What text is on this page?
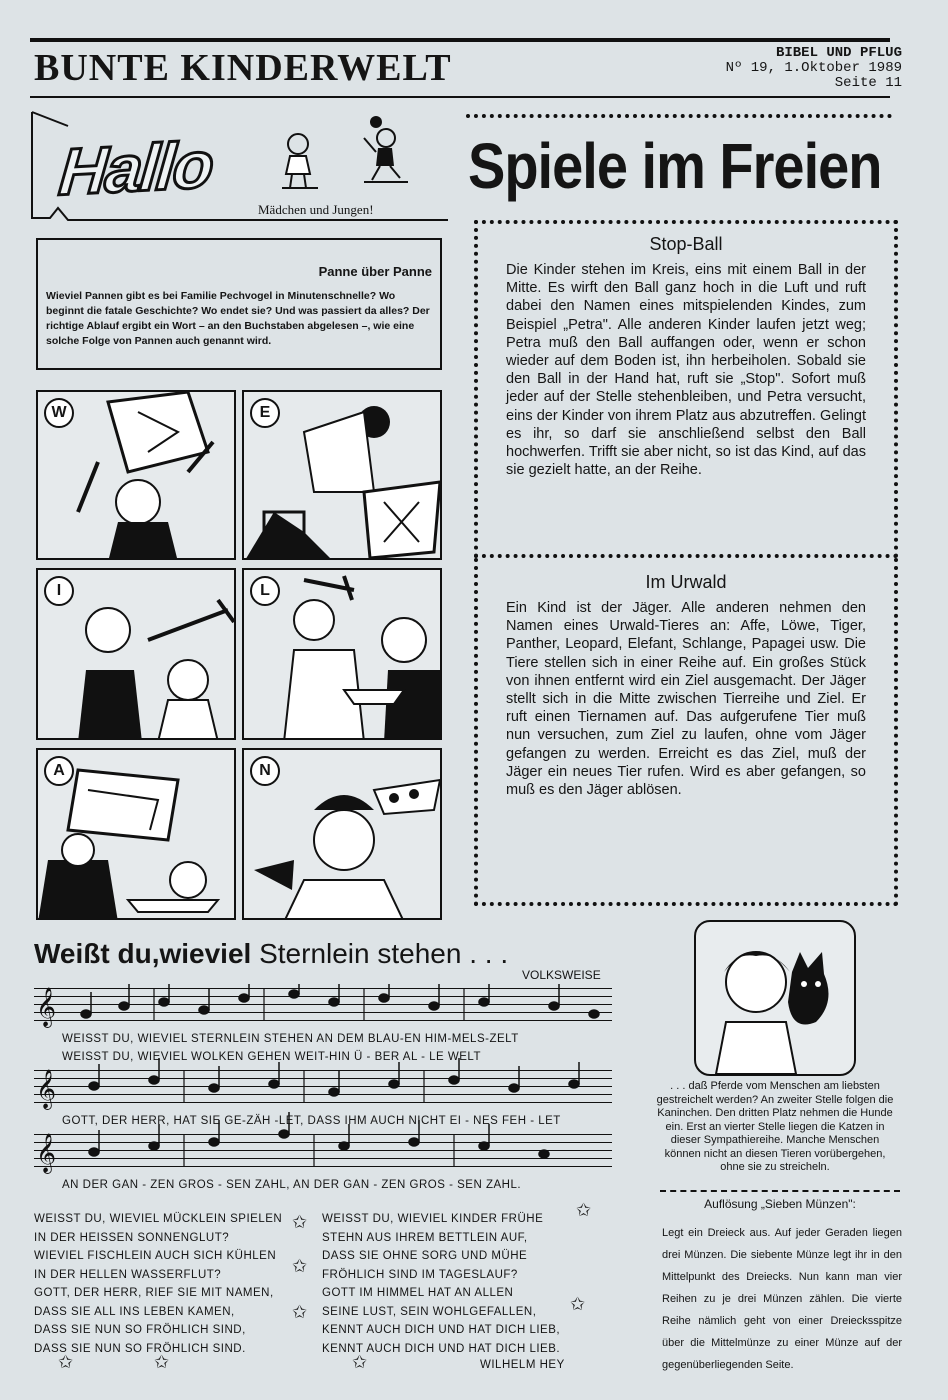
BUNTE KINDERWELT	BIBEL UND PFLUG
Nº 19, 1.Oktober 1989
Seite 11
Hallo
Mädchen und Jungen!
Panne über Panne
Wieviel Pannen gibt es bei Familie Pechvogel in Minutenschnelle? Wo beginnt die fatale Geschichte? Wo endet sie? Und was passiert da alles? Der richtige Ablauf ergibt ein Wort – an den Buchstaben abgelesen –, wie eine solche Folge von Pannen auch genannt wird.
W	E
I	L
A	N
Spiele im Freien
Stop-Ball
Die Kinder stehen im Kreis, eins mit einem Ball in der Mitte. Es wirft den Ball ganz hoch in die Luft und ruft dabei den Namen eines mitspielenden Kindes, zum Beispiel „Petra". Alle anderen Kinder laufen jetzt weg; Petra muß den Ball auffangen oder, wenn er schon wieder auf dem Boden ist, ihn herbeiholen. Sobald sie den Ball in der Hand hat, ruft sie „Stop". Sofort muß jeder auf der Stelle stehenbleiben, und Petra versucht, eins der Kinder von ihrem Platz aus abzutreffen. Gelingt es ihr, so darf sie anschließend selbst den Ball hochwerfen. Trifft sie aber nicht, so ist das Kind, auf das sie gezielt hatte, an der Reihe.
Im Urwald
Ein Kind ist der Jäger. Alle anderen nehmen den Namen eines Urwald-Tieres an: Affe, Löwe, Tiger, Panther, Leopard, Elefant, Schlange, Papagei usw. Die Tiere stellen sich in einer Reihe auf. Ein großes Stück von ihnen entfernt wird ein Ziel ausgemacht. Der Jäger stellt sich in die Mitte zwischen Tierreihe und Ziel. Er ruft einen Tiernamen auf. Das aufgerufene Tier muß nun versuchen, zum Ziel zu laufen, ohne vom Jäger gefangen zu werden. Erreicht es das Ziel, muß der Jäger ein neues Tier rufen. Wird es aber gefangen, so muß es den Jäger ablösen.
Weißt du,wieviel Sternlein stehen . . .
VOLKSWEISE
WEISST DU, WIEVIEL STERNLEIN STEHEN AN DEM BLAU-EN HIM-MELS-ZELT
WEISST DU, WIEVIEL WOLKEN GEHEN WEIT-HIN Ü - BER AL - LE WELT
GOTT, DER HERR, HAT SIE GE-ZÄH -LET, DASS IHM AUCH NICHT EI - NES FEH - LET
AN DER GAN - ZEN GROS - SEN ZAHL, AN DER GAN - ZEN GROS - SEN ZAHL.
𝄞
𝄞
𝄞
WEISST DU, WIEVIEL MÜCKLEIN SPIELEN
IN DER HEISSEN SONNENGLUT?
WIEVIEL FISCHLEIN AUCH SICH KÜHLEN
IN DER HELLEN WASSERFLUT?
GOTT, DER HERR, RIEF SIE MIT NAMEN,
DASS SIE ALL INS LEBEN KAMEN,
DASS SIE NUN SO FRÖHLICH SIND,
DASS SIE NUN SO FRÖHLICH SIND.
WEISST DU, WIEVIEL KINDER FRÜHE
STEHN AUS IHREM BETTLEIN AUF,
DASS SIE OHNE SORG UND MÜHE
FRÖHLICH SIND IM TAGESLAUF?
GOTT IM HIMMEL HAT AN ALLEN
SEINE LUST, SEIN WOHLGEFALLEN,
KENNT AUCH DICH UND HAT DICH LIEB,
KENNT AUCH DICH UND HAT DICH LIEB.
WILHELM HEY
✩
✩
✩
✩
✩	✩	✩
✩
. . . daß Pferde vom Menschen am liebsten gestreichelt werden? An zweiter Stelle folgen die Kaninchen. Den dritten Platz nehmen die Hunde ein. Erst an vierter Stelle liegen die Katzen in dieser Sympathiereihe. Manche Menschen können nicht an diesen Tieren vorübergehen, ohne sie zu streicheln.
Auflösung „Sieben Münzen":
Legt ein Dreieck aus. Auf jeder Geraden liegen drei Münzen. Die siebente Münze legt ihr in den Mittelpunkt des Dreiecks. Nun kann man vier Reihen zu je drei Münzen zählen. Die vierte Reihe nämlich geht von einer Dreiecksspitze über die Mittelmünze zu einer Münze auf der gegenüberliegenden Seite.
